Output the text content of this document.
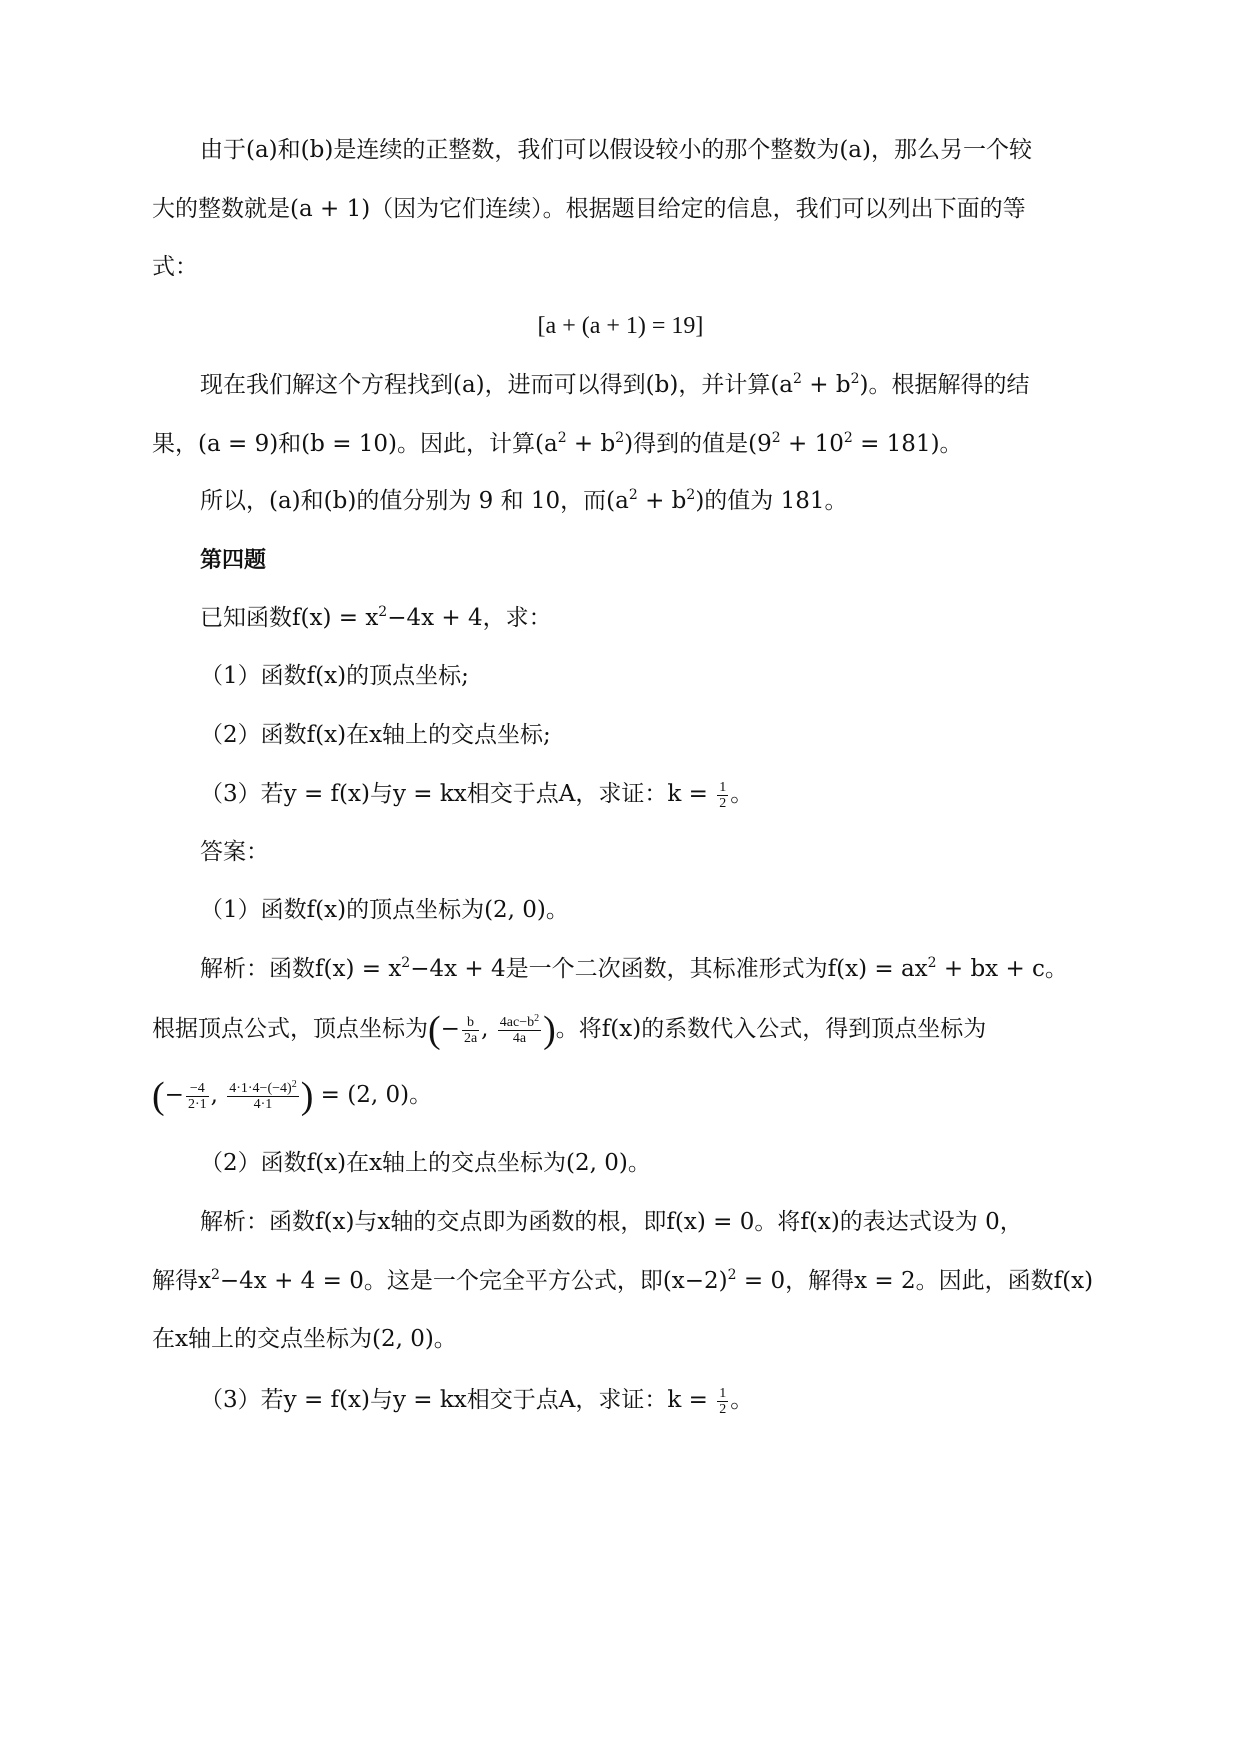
由于(a)和(b)是连续的正整数，我们可以假设较小的那个整数为(a)，那么另一个较
大的整数就是(a + 1)（因为它们连续）。根据题目给定的信息，我们可以列出下面的等
式：
[a + (a + 1) = 19]
现在我们解这个方程找到(a)，进而可以得到(b)，并计算$(a^2 + b^2)$。根据解得的结
果，(a = 9)和(b = 10)。因此，计算$(a^2 + b^2)$得到的值是$(9^2 + 10^2 = 181)$。
所以，(a)和(b)的值分别为 9 和 10，而$(a^2 + b^2)$的值为 181。
第四题
已知函数$f(x) = x^2-4x + 4$，求：
（1）函数f(x)的顶点坐标;
（2）函数f(x)在x轴上的交点坐标;
（3）若y = f(x)与y = kx相交于点A，求证：$k = \frac{1}{2}$ 。
答案：
（1）函数f(x)的顶点坐标为(2, 0)。
解析：函数$f(x) = x^2-4x + 4$是一个二次函数，其标准形式为$f(x) = ax^2$ + bx + c。
根据顶点公式，顶点坐标为(− $\frac{b}{2a}$ , $\frac{4ac-b^2}{4a}$ )。将f(x)的系数代入公式，得到顶点坐标为
(− $\frac{-4}{2\cdot 1}$ , $\frac{4\cdot 1\cdot 4-(-4)^2}{4\cdot 1}$ ) = (2, 0)。
（2）函数f(x)在x轴上的交点坐标为(2, 0)。
解析：函数f(x)与x轴的交点即为函数的根，即f(x) = 0。将f(x)的表达式设为 0，
解得$x^2-4x + 4 = 0$。这是一个完全平方公式，即$(x-2)^2 = 0$，解得x = 2。因此，函数f(x)
在x轴上的交点坐标为(2, 0)。
（3）若y = f(x)与y = kx相交于点A，求证：$k = \frac{1}{2}$ 。
